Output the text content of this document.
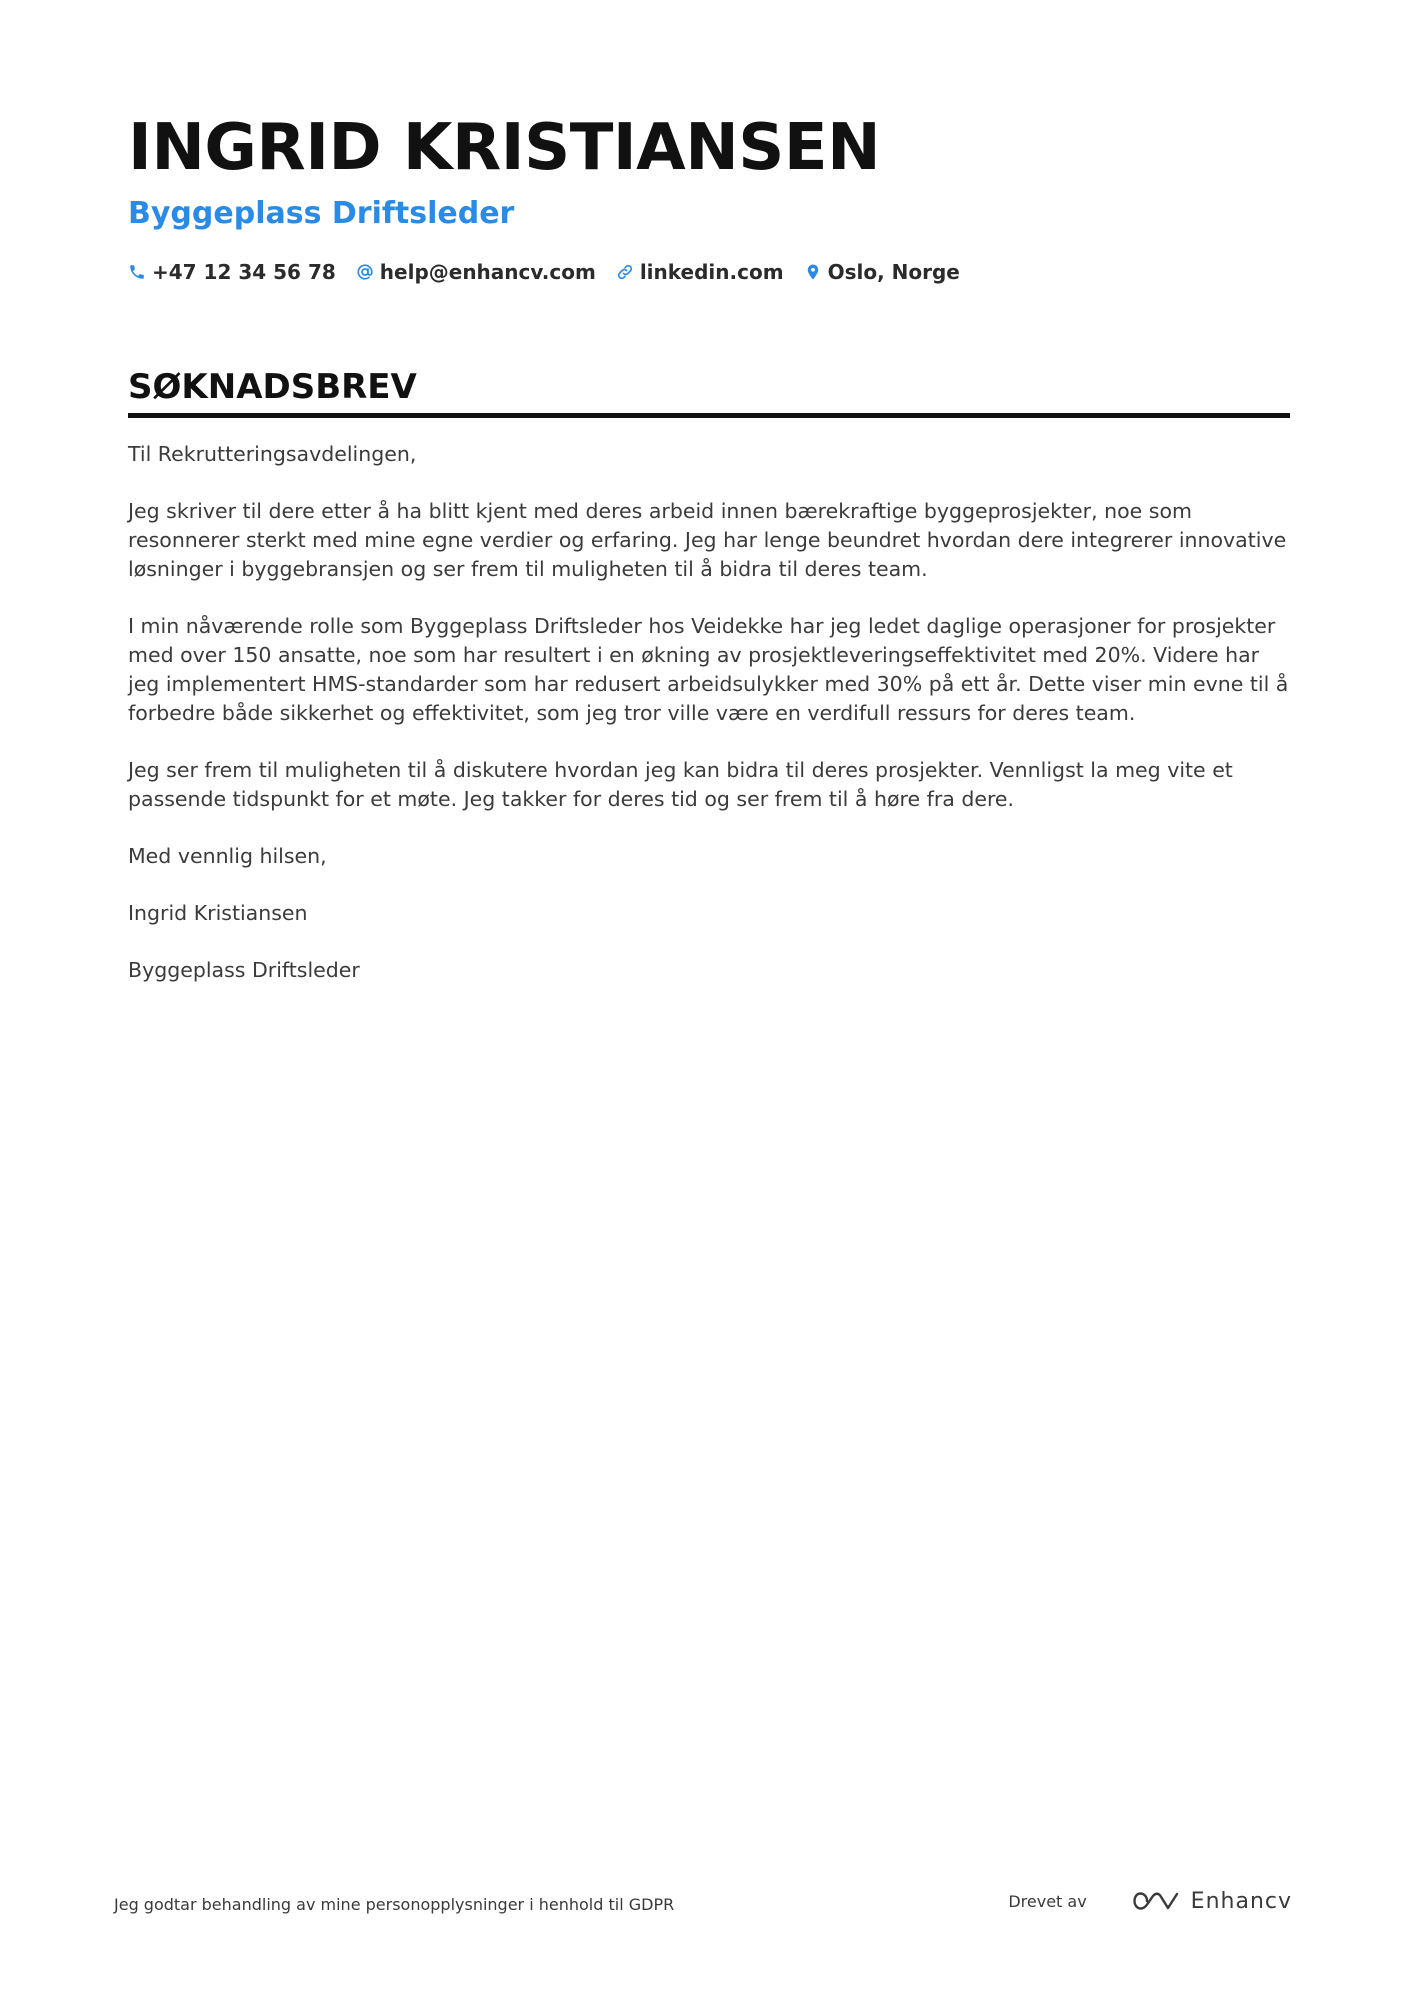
INGRID KRISTIANSEN
Byggeplass Driftsleder
+47 12 34 56 78 help@enhancv.com linkedin.com Oslo, Norge
SØKNADSBREV

Til Rekrutteringsavdelingen,

Jeg skriver til dere etter å ha blitt kjent med deres arbeid innen bærekraftige byggeprosjekter, noe som resonnerer sterkt med mine egne verdier og erfaring. Jeg har lenge beundret hvordan dere integrerer innovative løsninger i byggebransjen og ser frem til muligheten til å bidra til deres team.

I min nåværende rolle som Byggeplass Driftsleder hos Veidekke har jeg ledet daglige operasjoner for prosjekter med over 150 ansatte, noe som har resultert i en økning av prosjektleveringseffektivitet med 20%. Videre har jeg implementert HMS-standarder som har redusert arbeidsulykker med 30% på ett år. Dette viser min evne til å forbedre både sikkerhet og effektivitet, som jeg tror ville være en verdifull ressurs for deres team.

Jeg ser frem til muligheten til å diskutere hvordan jeg kan bidra til deres prosjekter. Vennligst la meg vite et passende tidspunkt for et møte. Jeg takker for deres tid og ser frem til å høre fra dere.

Med vennlig hilsen,

Ingrid Kristiansen

Byggeplass Driftsleder

Jeg godtar behandling av mine personopplysninger i henhold til GDPR	Drevet av	Enhancv
